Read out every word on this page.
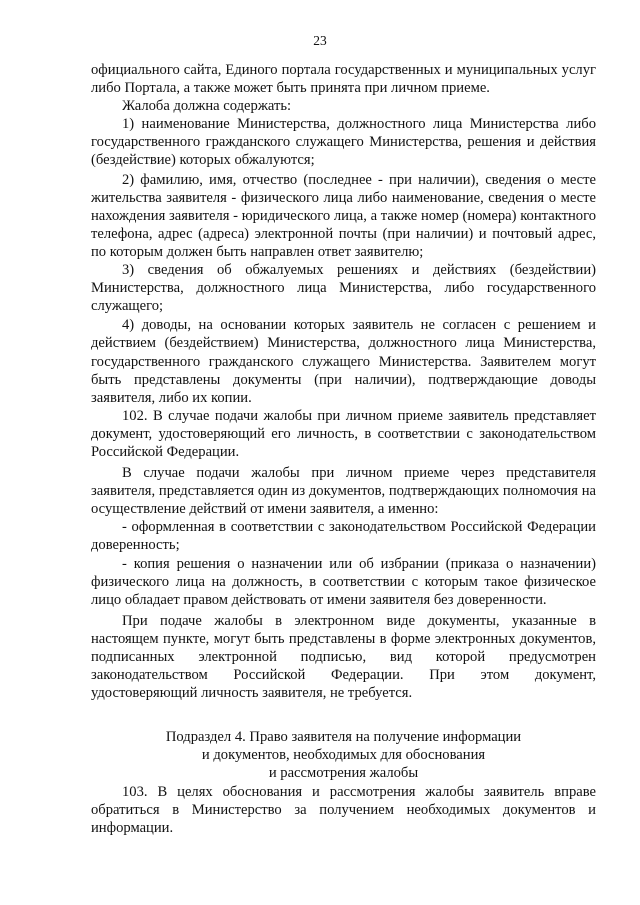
23

официального сайта, Единого портала государственных и муниципальных услуг либо Портала, а также может быть принята при личном приеме.

Жалоба должна содержать:

1) наименование Министерства, должностного лица Министерства либо государственного гражданского служащего Министерства, решения и действия (бездействие) которых обжалуются;

2) фамилию, имя, отчество (последнее - при наличии), сведения о месте жительства заявителя - физического лица либо наименование, сведения о месте нахождения заявителя - юридического лица, а также номер (номера) контактного телефона, адрес (адреса) электронной почты (при наличии) и почтовый адрес, по которым должен быть направлен ответ заявителю;

3) сведения об обжалуемых решениях и действиях (бездействии) Министерства, должностного лица Министерства, либо государственного служащего;

4) доводы, на основании которых заявитель не согласен с решением и действием (бездействием) Министерства, должностного лица Министерства, государственного гражданского служащего Министерства. Заявителем могут быть представлены документы (при наличии), подтверждающие доводы заявителя, либо их копии.

102. В случае подачи жалобы при личном приеме заявитель представляет документ, удостоверяющий его личность, в соответствии с законодательством Российской Федерации.

В случае подачи жалобы при личном приеме через представителя заявителя, представляется один из документов, подтверждающих полномочия на осуществление действий от имени заявителя, а именно:

- оформленная в соответствии с законодательством Российской Федерации доверенность;

- копия решения о назначении или об избрании (приказа о назначении) физического лица на должность, в соответствии с которым такое физическое лицо обладает правом действовать от имени заявителя без доверенности.

При подаче жалобы в электронном виде документы, указанные в настоящем пункте, могут быть представлены в форме электронных документов, подписанных электронной подписью, вид которой предусмотрен законодательством Российской Федерации. При этом документ, удостоверяющий личность заявителя, не требуется.

Подраздел 4. Право заявителя на получение информации
и документов, необходимых для обоснования
и рассмотрения жалобы

103. В целях обоснования и рассмотрения жалобы заявитель вправе обратиться в Министерство за получением необходимых документов и информации.
